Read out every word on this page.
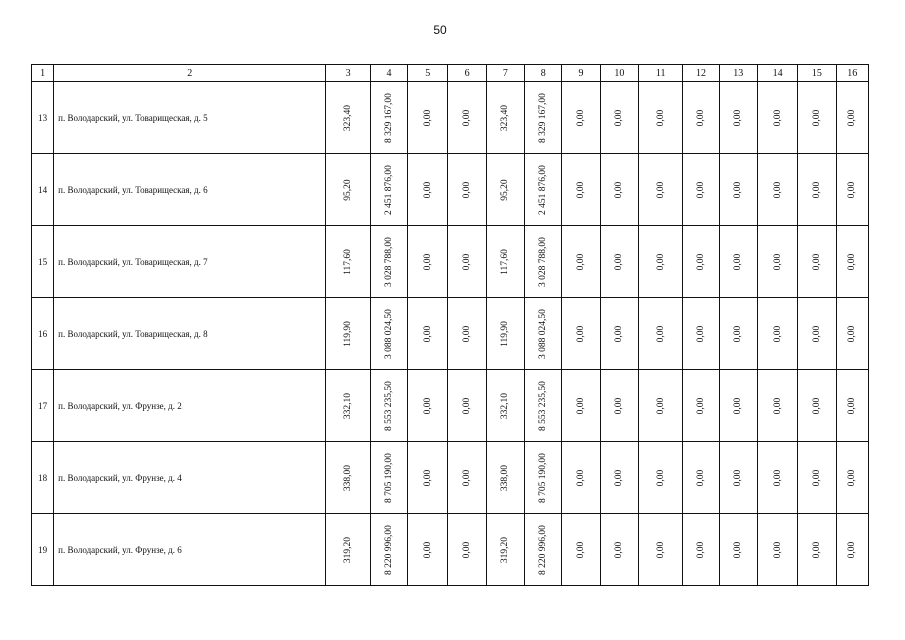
50
1	2	3	4	5	6	7	8	9	10	11	12	13	14	15	16
13	п. Володарский, ул. Товарищеская, д. 5	323,40	8 329 167,00	0,00	0,00	323,40	8 329 167,00	0,00	0,00	0,00	0,00	0,00	0,00	0,00	0,00

14	п. Володарский, ул. Товарищеская, д. 6	95,20	2 451 876,00	0,00	0,00	95,20	2 451 876,00	0,00	0,00	0,00	0,00	0,00	0,00	0,00	0,00

15	п. Володарский, ул. Товарищеская, д. 7	117,60	3 028 788,00	0,00	0,00	117,60	3 028 788,00	0,00	0,00	0,00	0,00	0,00	0,00	0,00	0,00

16	п. Володарский, ул. Товарищеская, д. 8	119,90	3 088 024,50	0,00	0,00	119,90	3 088 024,50	0,00	0,00	0,00	0,00	0,00	0,00	0,00	0,00

17	п. Володарский, ул. Фрунзе, д. 2	332,10	8 553 235,50	0,00	0,00	332,10	8 553 235,50	0,00	0,00	0,00	0,00	0,00	0,00	0,00	0,00

18	п. Володарский, ул. Фрунзе, д. 4	338,00	8 705 190,00	0,00	0,00	338,00	8 705 190,00	0,00	0,00	0,00	0,00	0,00	0,00	0,00	0,00

19	п. Володарский, ул. Фрунзе, д. 6	319,20	8 220 996,00	0,00	0,00	319,20	8 220 996,00	0,00	0,00	0,00	0,00	0,00	0,00	0,00	0,00
